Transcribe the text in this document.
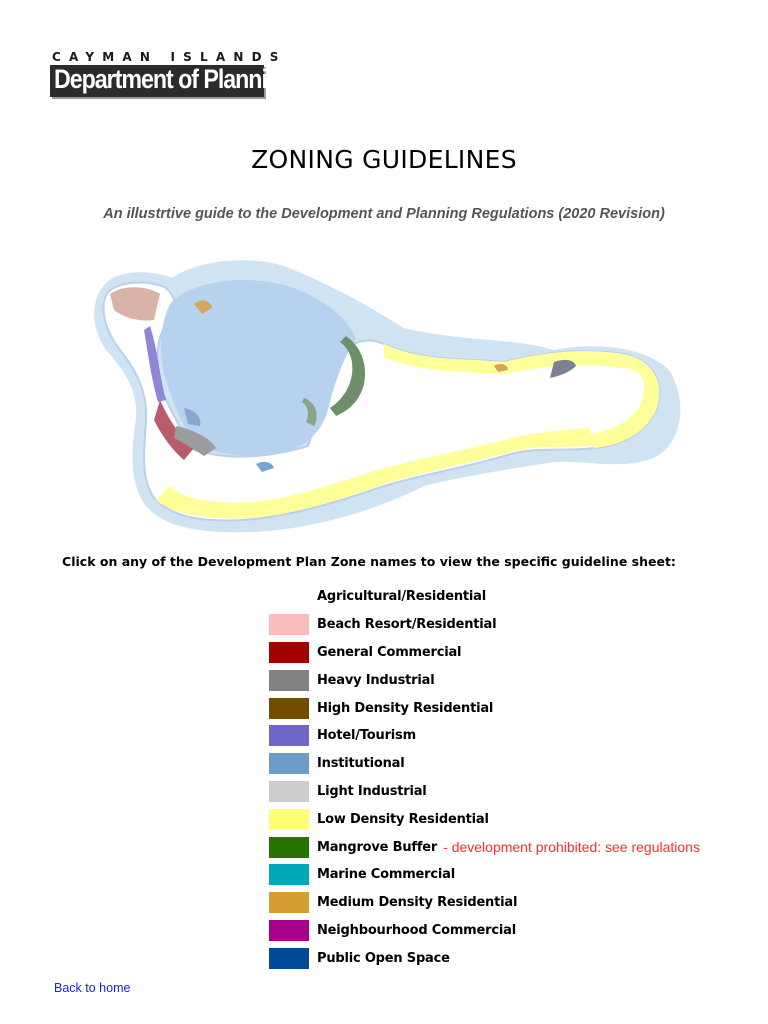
CAYMAN ISLANDS
Department of Planning
ZONING GUIDELINES
An illustrtive guide to the Development and Planning Regulations (2020 Revision)
Click on any of the Development Plan Zone names to view the specific guideline sheet:
Agricultural/Residential
Beach Resort/Residential
General Commercial
Heavy Industrial
High Density Residential
Hotel/Tourism
Institutional
Light Industrial
Low Density Residential
Mangrove Buffer - development prohibited: see regulations
Marine Commercial
Medium Density Residential
Neighbourhood Commercial
Public Open Space
Back to home
